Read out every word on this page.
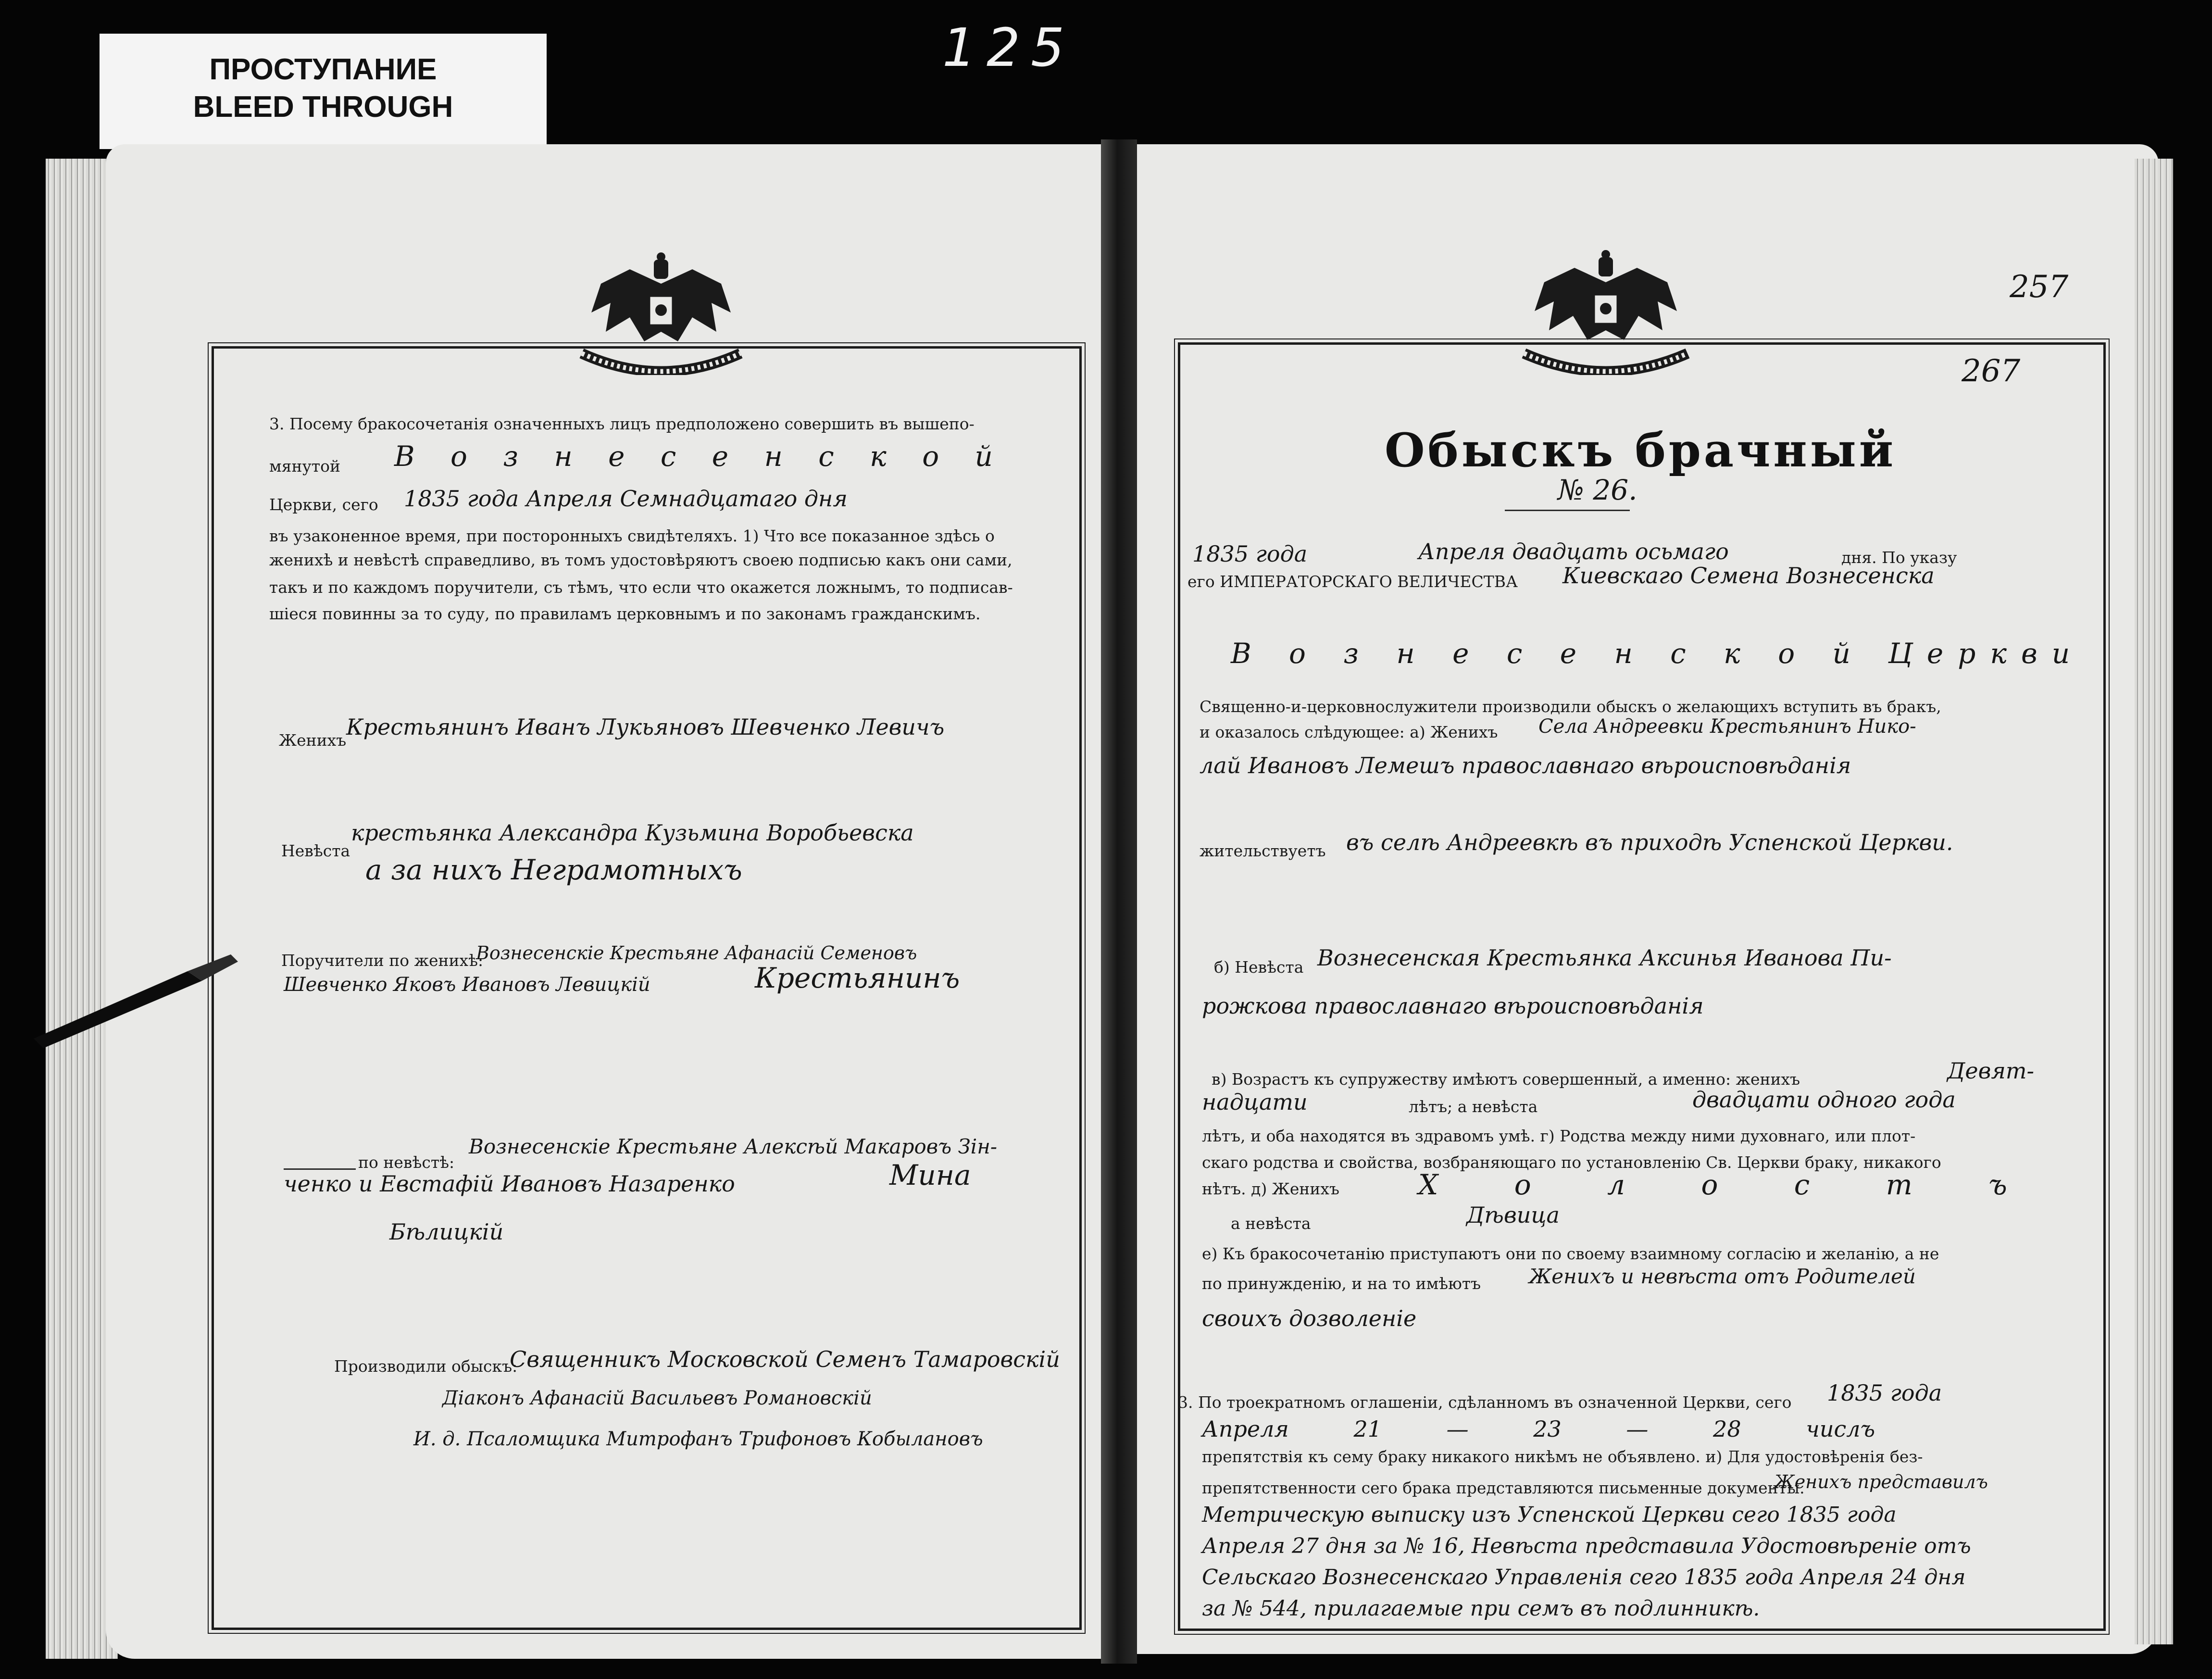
ПРОСТУПАНИЕ
BLEED THROUGH
125
257
267
3. Посему бракосочетанія означенныхъ лицъ предположено совершить въ вышепо-
мянутой В о з н е с е н с к о й
Церкви, сего 1835 года Апреля Семнадцатаго дня
въ узаконенное время, при посторонныхъ свидѣтеляхъ. 1) Что все показанное здѣсь о
женихѣ и невѣстѣ справедливо, въ томъ удостовѣряютъ своею подписью какъ они сами,
такъ и по каждомъ поручители, съ тѣмъ, что если что окажется ложнымъ, то подписав-
шіеся повинны за то суду, по правиламъ церковнымъ и по законамъ гражданскимъ.
Женихъ
Крестьянинъ Иванъ Лукьяновъ Шевченко Левичъ
Невѣста
крестьянка Александра Кузьмина Воробьевска
а за нихъ Неграмотныхъ
Поручители по женихѣ:
Вознесенскіе Крестьяне Афанасій Семеновъ
Шевченко Яковъ Ивановъ Левицкій	Крестьянинъ
по невѣстѣ:
Вознесенскіе Крестьяне Алексѣй Макаровъ Зін-
ченко и Евстафій Ивановъ Назаренко	Мина
Бѣлицкій
Производили обыскъ:
Священникъ Московской Семенъ Тамаровскій
Діаконъ Афанасій Васильевъ Романовскій
И. д. Псаломщика Митрофанъ Трифоновъ Кобылановъ
Обыскъ брачный
№ 26.
1835 года	Апреля двадцать осьмаго	дня. По указу
его ИМПЕРАТОРСКАГО ВЕЛИЧЕСТВА Киевскаго Семена Вознесенска
В о з н е с е н с к о й Церкви
Священно-и-церковнослужители производили обыскъ о желающихъ вступить въ бракъ,
и оказалось слѣдующее: а) Женихъ Села Андреевки Крестьянинъ Нико-
лай Ивановъ Лемешъ православнаго вѣроисповѣданія
жительствуетъ въ селѣ Андреевкѣ въ приходѣ Успенской Церкви.
б) Невѣста Вознесенская Крестьянка Аксинья Иванова Пи-
рожкова православнаго вѣроисповѣданія
в) Возрастъ къ супружеству имѣютъ совершенный, а именно: женихъ	Девят-
надцати	лѣтъ; а невѣста	двадцати одного года
лѣтъ, и оба находятся въ здравомъ умѣ. г) Родства между ними духовнаго, или плот-
скаго родства и свойства, возбраняющаго по установленію Св. Церкви браку, никакого
нѣтъ. д) Женихъ	Х о л о с т ъ
а невѣста	Дѣвица
е) Къ бракосочетанію приступаютъ они по своему взаимному согласію и желанію, а не
по принужденію, и на то имѣютъ Женихъ и невѣста отъ Родителей
своихъ дозволеніе
3. По троекратномъ оглашеніи, сдѣланномъ въ означенной Церкви, сего 1835 года
Апреля 21 — 23 — 28 числъ
препятствія къ сему браку никакого никѣмъ не объявлено. и) Для удостовѣренія без-
препятственности сего брака представляются письменные документы.
Женихъ представилъ
Метрическую выписку изъ Успенской Церкви сего 1835 года
Апреля 27 дня за № 16, Невѣста представила Удостовѣреніе отъ
Сельскаго Вознесенскаго Управленія сего 1835 года Апреля 24 дня
за № 544, прилагаемые при семъ въ подлинникѣ.
